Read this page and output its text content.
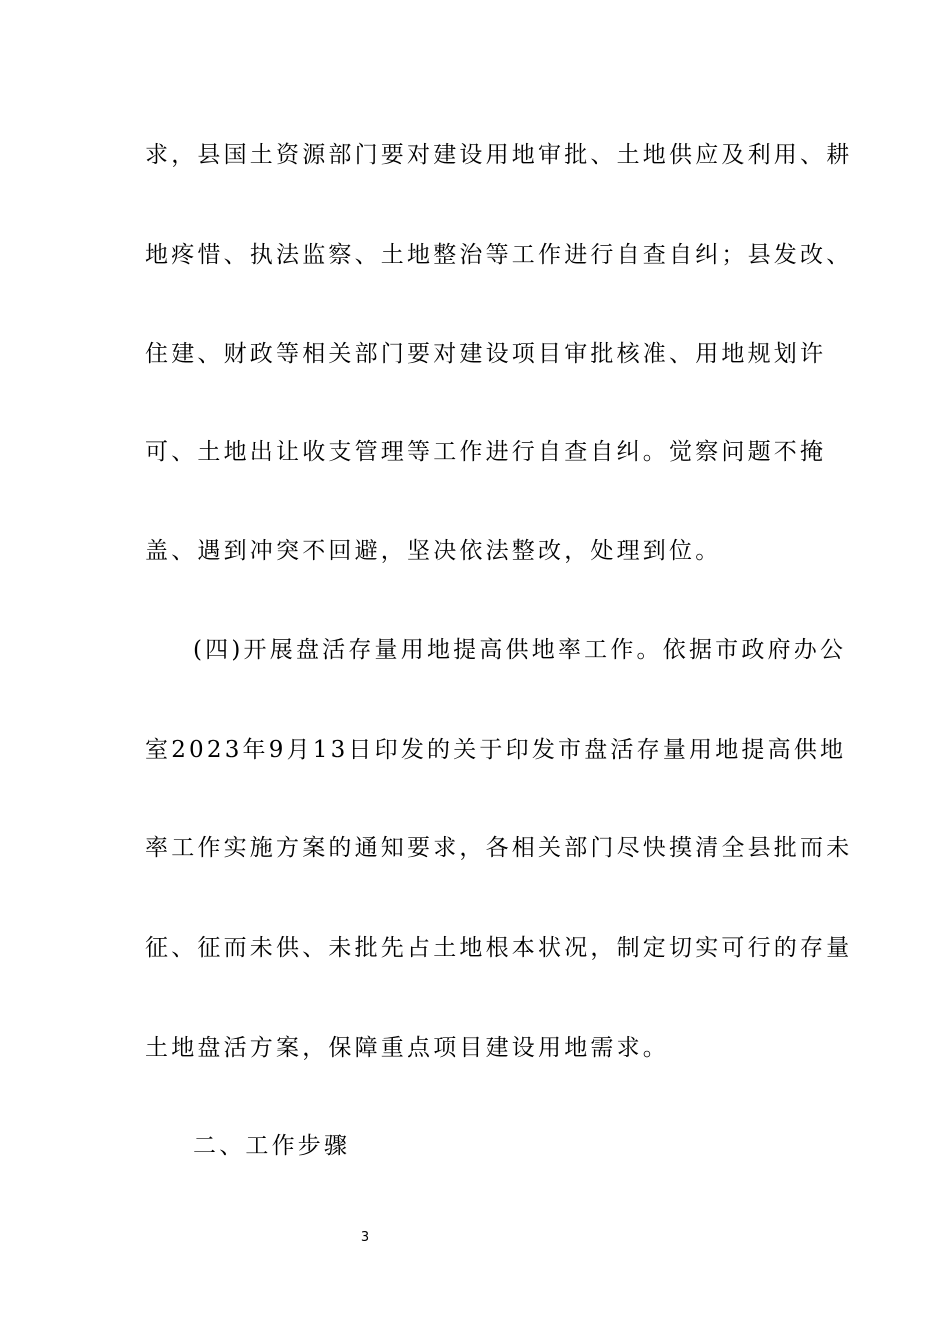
求，县国土资源部门要对建设用地审批、土地供应及利用、耕
地疼惜、执法监察、土地整治等工作进行自查自纠；县发改、
住建、财政等相关部门要对建设项目审批核准、用地规划许
可、土地出让收支管理等工作进行自查自纠。觉察问题不掩
盖、遇到冲突不回避，坚决依法整改，处理到位。
(四)开展盘活存量用地提高供地率工作。依据市政府办公
室2023年9月13日印发的关于印发市盘活存量用地提高供地
率工作实施方案的通知要求，各相关部门尽快摸清全县批而未
征、征而未供、未批先占土地根本状况，制定切实可行的存量
土地盘活方案，保障重点项目建设用地需求。
二、工作步骤
3
